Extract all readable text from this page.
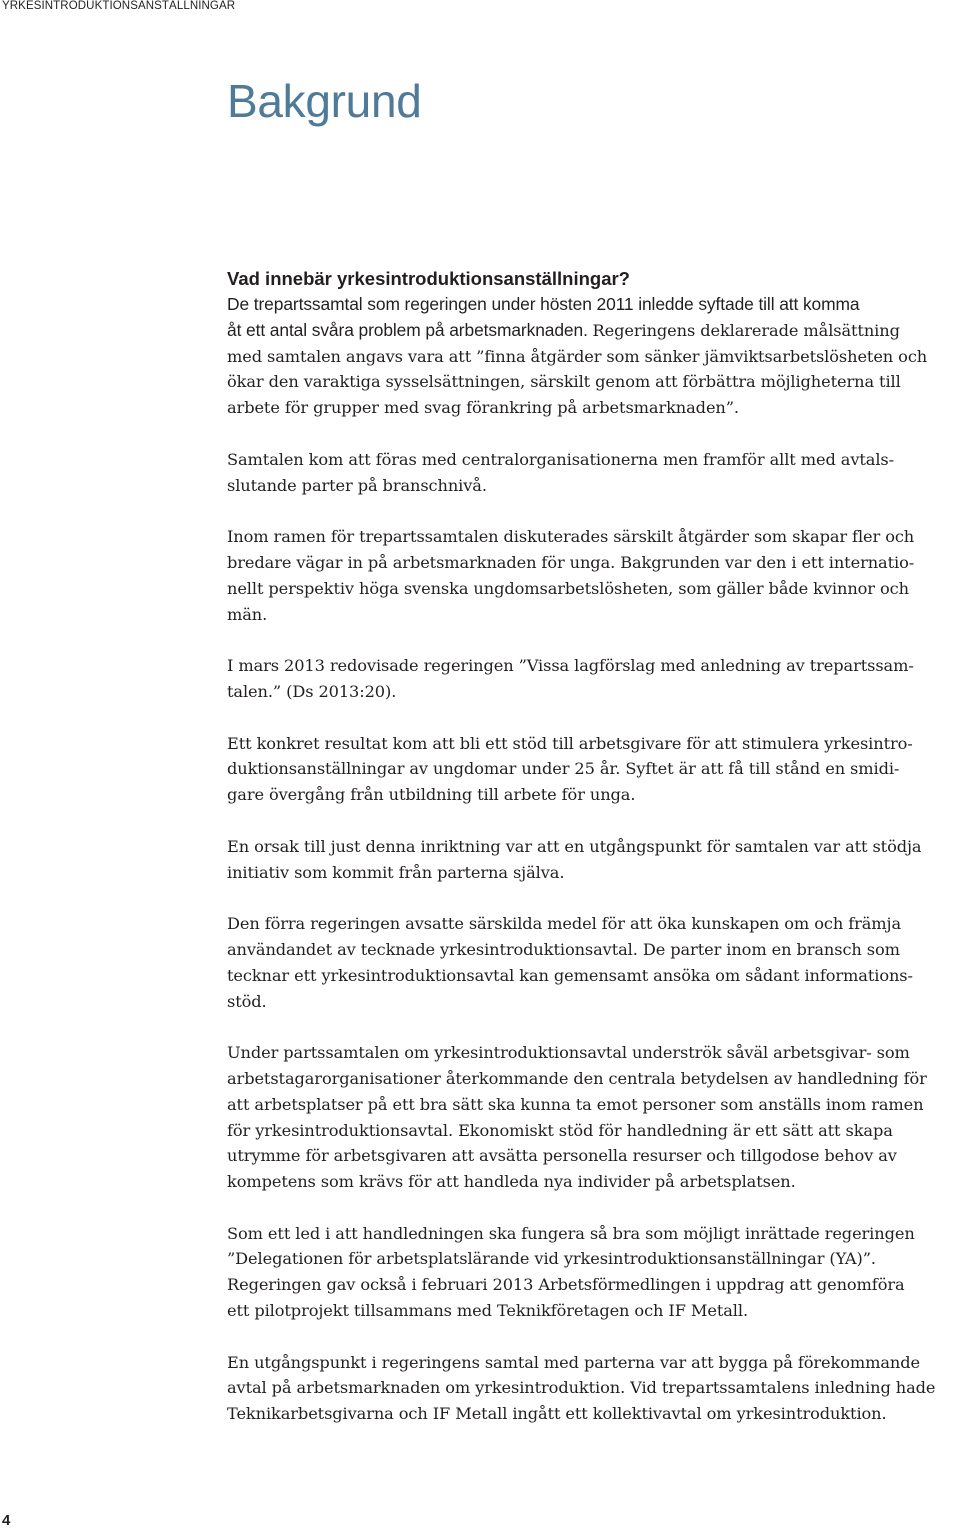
YRKESINTRODUKTIONSANSTÄLLNINGAR
Bakgrund
Vad innebär yrkesintroduktionsanställningar?

De trepartssamtal som regeringen under hösten 2011 inledde syftade till att komma
åt ett antal svåra problem på arbetsmarknaden. Regeringens deklarerade målsättning
med samtalen angavs vara att ”finna åtgärder som sänker jämviktsarbetslösheten och
ökar den varaktiga sysselsättningen, särskilt genom att förbättra möjligheterna till
arbete för grupper med svag förankring på arbetsmarknaden”.

Samtalen kom att föras med centralorganisationerna men framför allt med avtals-
slutande parter på branschnivå.

Inom ramen för trepartssamtalen diskuterades särskilt åtgärder som skapar fler och
bredare vägar in på arbetsmarknaden för unga. Bakgrunden var den i ett internatio-
nellt perspektiv höga svenska ungdomsarbetslösheten, som gäller både kvinnor och
män.

I mars 2013 redovisade regeringen ”Vissa lagförslag med anledning av trepartssam-
talen.” (Ds 2013:20).

Ett konkret resultat kom att bli ett stöd till arbetsgivare för att stimulera yrkesintro-
duktionsanställningar av ungdomar under 25 år. Syftet är att få till stånd en smidi-
gare övergång från utbildning till arbete för unga.

En orsak till just denna inriktning var att en utgångspunkt för samtalen var att stödja
initiativ som kommit från parterna själva.

Den förra regeringen avsatte särskilda medel för att öka kunskapen om och främja
användandet av tecknade yrkesintroduktionsavtal. De parter inom en bransch som
tecknar ett yrkesintroduktionsavtal kan gemensamt ansöka om sådant informations-
stöd.

Under partssamtalen om yrkesintroduktionsavtal underströk såväl arbetsgivar- som
arbetstagarorganisationer återkommande den centrala betydelsen av handledning för
att arbetsplatser på ett bra sätt ska kunna ta emot personer som anställs inom ramen
för yrkesintroduktionsavtal. Ekonomiskt stöd för handledning är ett sätt att skapa
utrymme för arbetsgivaren att avsätta personella resurser och tillgodose behov av
kompetens som krävs för att handleda nya individer på arbetsplatsen.

Som ett led i att handledningen ska fungera så bra som möjligt inrättade regeringen
”Delegationen för arbetsplatslärande vid yrkesintroduktionsanställningar (YA)”.
Regeringen gav också i februari 2013 Arbetsförmedlingen i uppdrag att genomföra
ett pilotprojekt tillsammans med Teknikföretagen och IF Metall.

En utgångspunkt i regeringens samtal med parterna var att bygga på förekommande
avtal på arbetsmarknaden om yrkesintroduktion. Vid trepartssamtalens inledning hade
Teknikarbetsgivarna och IF Metall ingått ett kollektivavtal om yrkesintroduktion.

4
